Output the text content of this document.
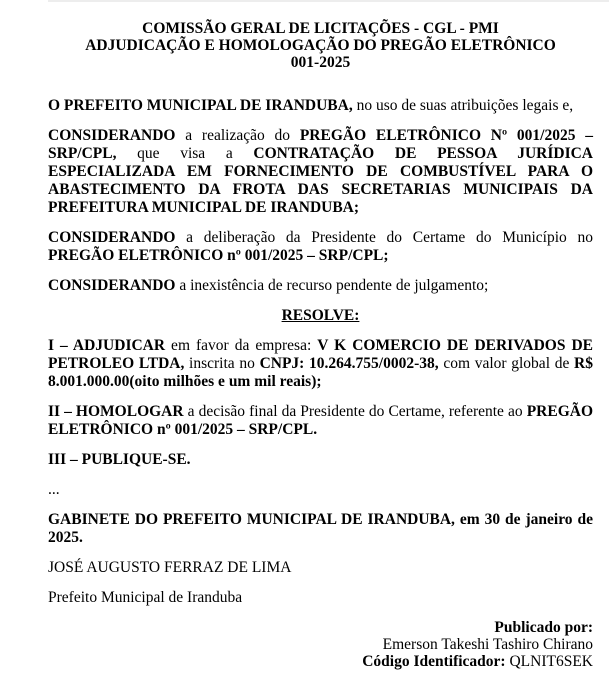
COMISSÃO GERAL DE LICITAÇÕES - CGL - PMI

ADJUDICAÇÃO E HOMOLOGAÇÃO DO PREGÃO ELETRÔNICO

001-2025

O PREFEITO MUNICIPAL DE IRANDUBA, no uso de suas atribuições legais e,

CONSIDERANDO a realização do PREGÃO ELETRÔNICO Nº 001/2025 – SRP/CPL, que visa a CONTRATAÇÃO DE PESSOA JURÍDICA ESPECIALIZADA EM FORNECIMENTO DE COMBUSTÍVEL PARA O ABASTECIMENTO DA FROTA DAS SECRETARIAS MUNICIPAIS DA PREFEITURA MUNICIPAL DE IRANDUBA;

CONSIDERANDO a deliberação da Presidente do Certame do Município no PREGÃO ELETRÔNICO nº 001/2025 – SRP/CPL;

CONSIDERANDO a inexistência de recurso pendente de julgamento;

RESOLVE:

I – ADJUDICAR em favor da empresa: V K COMERCIO DE DERIVADOS DE PETROLEO LTDA, inscrita no CNPJ: 10.264.755/0002-38, com valor global de R$ 8.001.000.00(oito milhões e um mil reais);

II – HOMOLOGAR a decisão final da Presidente do Certame, referente ao PREGÃO ELETRÔNICO nº 001/2025 – SRP/CPL.

III – PUBLIQUE-SE.

...

GABINETE DO PREFEITO MUNICIPAL DE IRANDUBA, em 30 de janeiro de 2025.

JOSÉ AUGUSTO FERRAZ DE LIMA

Prefeito Municipal de Iranduba

Publicado por:

Emerson Takeshi Tashiro Chirano

Código Identificador: QLNIT6SEK
